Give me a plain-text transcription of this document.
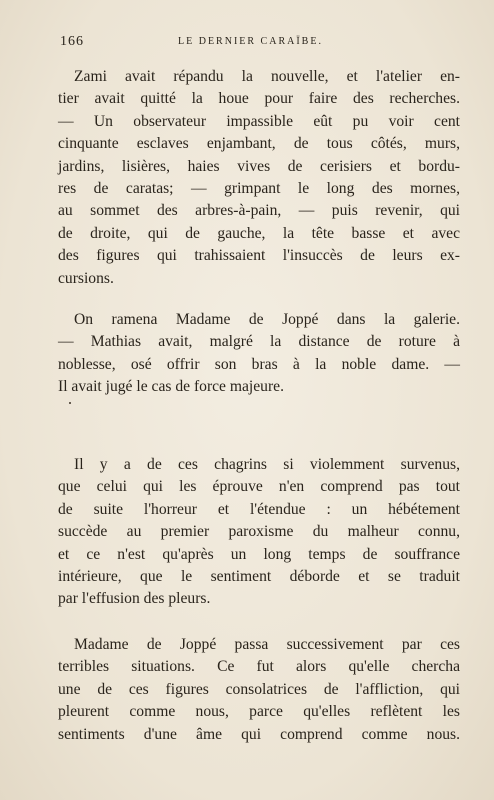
166	LE DERNIER CARAÏBE.
Zami avait répandu la nouvelle, et l'atelier en-
tier avait quitté la houe pour faire des recherches.
— Un observateur impassible eût pu voir cent
cinquante esclaves enjambant, de tous côtés, murs,
jardins, lisières, haies vives de cerisiers et bordu-
res de caratas; — grimpant le long des mornes,
au sommet des arbres-à-pain, — puis revenir, qui
de droite, qui de gauche, la tête basse et avec
des figures qui trahissaient l'insuccès de leurs ex-
cursions.
On ramena Madame de Joppé dans la galerie.
— Mathias avait, malgré la distance de roture à
noblesse, osé offrir son bras à la noble dame. —
Il avait jugé le cas de force majeure.
Il y a de ces chagrins si violemment survenus,
que celui qui les éprouve n'en comprend pas tout
de suite l'horreur et l'étendue : un hébétement
succède au premier paroxisme du malheur connu,
et ce n'est qu'après un long temps de souffrance
intérieure, que le sentiment déborde et se traduit
par l'effusion des pleurs.
Madame de Joppé passa successivement par ces
terribles situations. Ce fut alors qu'elle chercha
une de ces figures consolatrices de l'affliction, qui
pleurent comme nous, parce qu'elles reflètent les
sentiments d'une âme qui comprend comme nous.
